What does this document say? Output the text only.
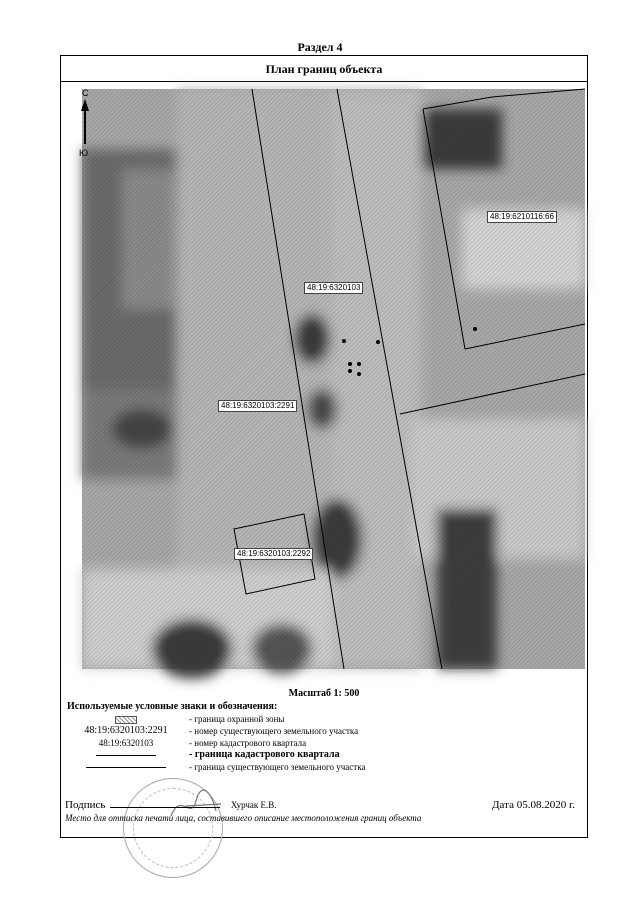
Раздел 4
План границ объекта
С
Ю
48:19:6320103
48:19:6210116:66
48:19:6320103:2291
48:19:6320103:2292
Масштаб 1: 500
Используемые условные знаки и обозначения:
- граница охранной зоны
48:19:6320103:2291	- номер существующего земельного участка
48:19:6320103	- номер кадастрового квартала
- граница кадастрового квартала
- граница существующего земельного участка
Подпись	Хурчак Е.В.	Дата 05.08.2020 г.
Место для оттиска печати лица, составившего описание местоположения границ объекта
